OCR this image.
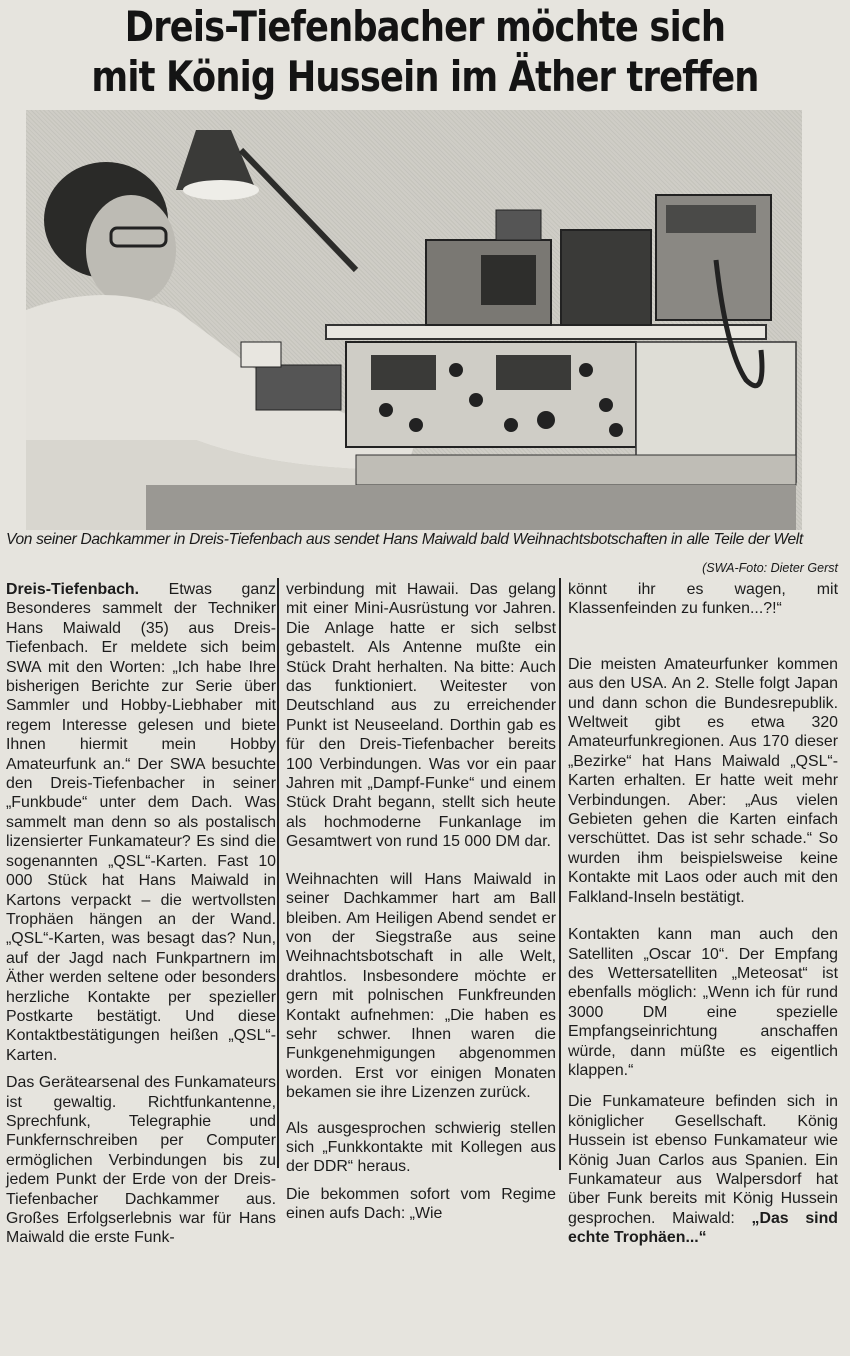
Dreis-Tiefenbacher möchte sich
mit König Hussein im Äther treffen
Von seiner Dachkammer in Dreis-Tiefenbach aus sendet Hans Maiwald bald Weihnachtsbotschaften in alle Teile der Welt
(SWA-Foto: Dieter Gerst

Dreis-Tiefenbach. Etwas ganz Besonderes sammelt der Techniker Hans Maiwald (35) aus Dreis-Tiefenbach. Er meldete sich beim SWA mit den Worten: „Ich habe Ihre bisherigen Berichte zur Serie über Sammler und Hobby-Liebhaber mit regem Interesse gelesen und biete Ihnen hiermit mein Hobby Amateurfunk an.“ Der SWA besuchte den Dreis-Tiefenbacher in seiner „Funkbude“ unter dem Dach. Was sammelt man denn so als postalisch lizensierter Funkamateur? Es sind die sogenannten „QSL“-Karten. Fast 10 000 Stück hat Hans Maiwald in Kartons verpackt – die wertvollsten Trophäen hängen an der Wand. „QSL“-Karten, was besagt das? Nun, auf der Jagd nach Funkpartnern im Äther werden seltene oder besonders herzliche Kontakte per spezieller Postkarte bestätigt. Und diese Kontaktbestätigungen heißen „QSL“-Karten.

Das Gerätearsenal des Funkamateurs ist gewaltig. Richtfunkantenne, Sprechfunk, Telegraphie und Funkfernschreiben per Computer ermöglichen Verbindungen bis zu jedem Punkt der Erde von der Dreis-Tiefenbacher Dachkammer aus. Großes Erfolgserlebnis war für Hans Maiwald die erste Funk-

verbindung mit Hawaii. Das gelang mit einer Mini-Ausrüstung vor Jahren. Die Anlage hatte er sich selbst gebastelt. Als Antenne mußte ein Stück Draht herhalten. Na bitte: Auch das funktioniert. Weitester von Deutschland aus zu erreichender Punkt ist Neuseeland. Dorthin gab es für den Dreis-Tiefenbacher bereits 100 Verbindungen. Was vor ein paar Jahren mit „Dampf-Funke“ und einem Stück Draht begann, stellt sich heute als hochmoderne Funkanlage im Gesamtwert von rund 15 000 DM dar.

Weihnachten will Hans Maiwald in seiner Dachkammer hart am Ball bleiben. Am Heiligen Abend sendet er von der Siegstraße aus seine Weihnachtsbotschaft in alle Welt, drahtlos. Insbesondere möchte er gern mit polnischen Funkfreunden Kontakt aufnehmen: „Die haben es sehr schwer. Ihnen waren die Funkgenehmigungen abgenommen worden. Erst vor einigen Monaten bekamen sie ihre Lizenzen zurück.

Als ausgesprochen schwierig stellen sich „Funkkontakte mit Kollegen aus der DDR“ heraus.

Die bekommen sofort vom Regime einen aufs Dach: „Wie

könnt ihr es wagen, mit Klassenfeinden zu funken...?!“

Die meisten Amateurfunker kommen aus den USA. An 2. Stelle folgt Japan und dann schon die Bundesrepublik. Weltweit gibt es etwa 320 Amateurfunkregionen. Aus 170 dieser „Bezirke“ hat Hans Maiwald „QSL“-Karten erhalten. Er hatte weit mehr Verbindungen. Aber: „Aus vielen Gebieten gehen die Karten einfach verschüttet. Das ist sehr schade.“ So wurden ihm beispielsweise keine Kontakte mit Laos oder auch mit den Falkland-Inseln bestätigt.

Kontakten kann man auch den Satelliten „Oscar 10“. Der Empfang des Wettersatelliten „Meteosat“ ist ebenfalls möglich: „Wenn ich für rund 3000 DM eine spezielle Empfangseinrichtung anschaffen würde, dann müßte es eigentlich klappen.“

Die Funkamateure befinden sich in königlicher Gesellschaft. König Hussein ist ebenso Funkamateur wie König Juan Carlos aus Spanien. Ein Funkamateur aus Walpersdorf hat über Funk bereits mit König Hussein gesprochen. Maiwald: „Das sind echte Trophäen...“
